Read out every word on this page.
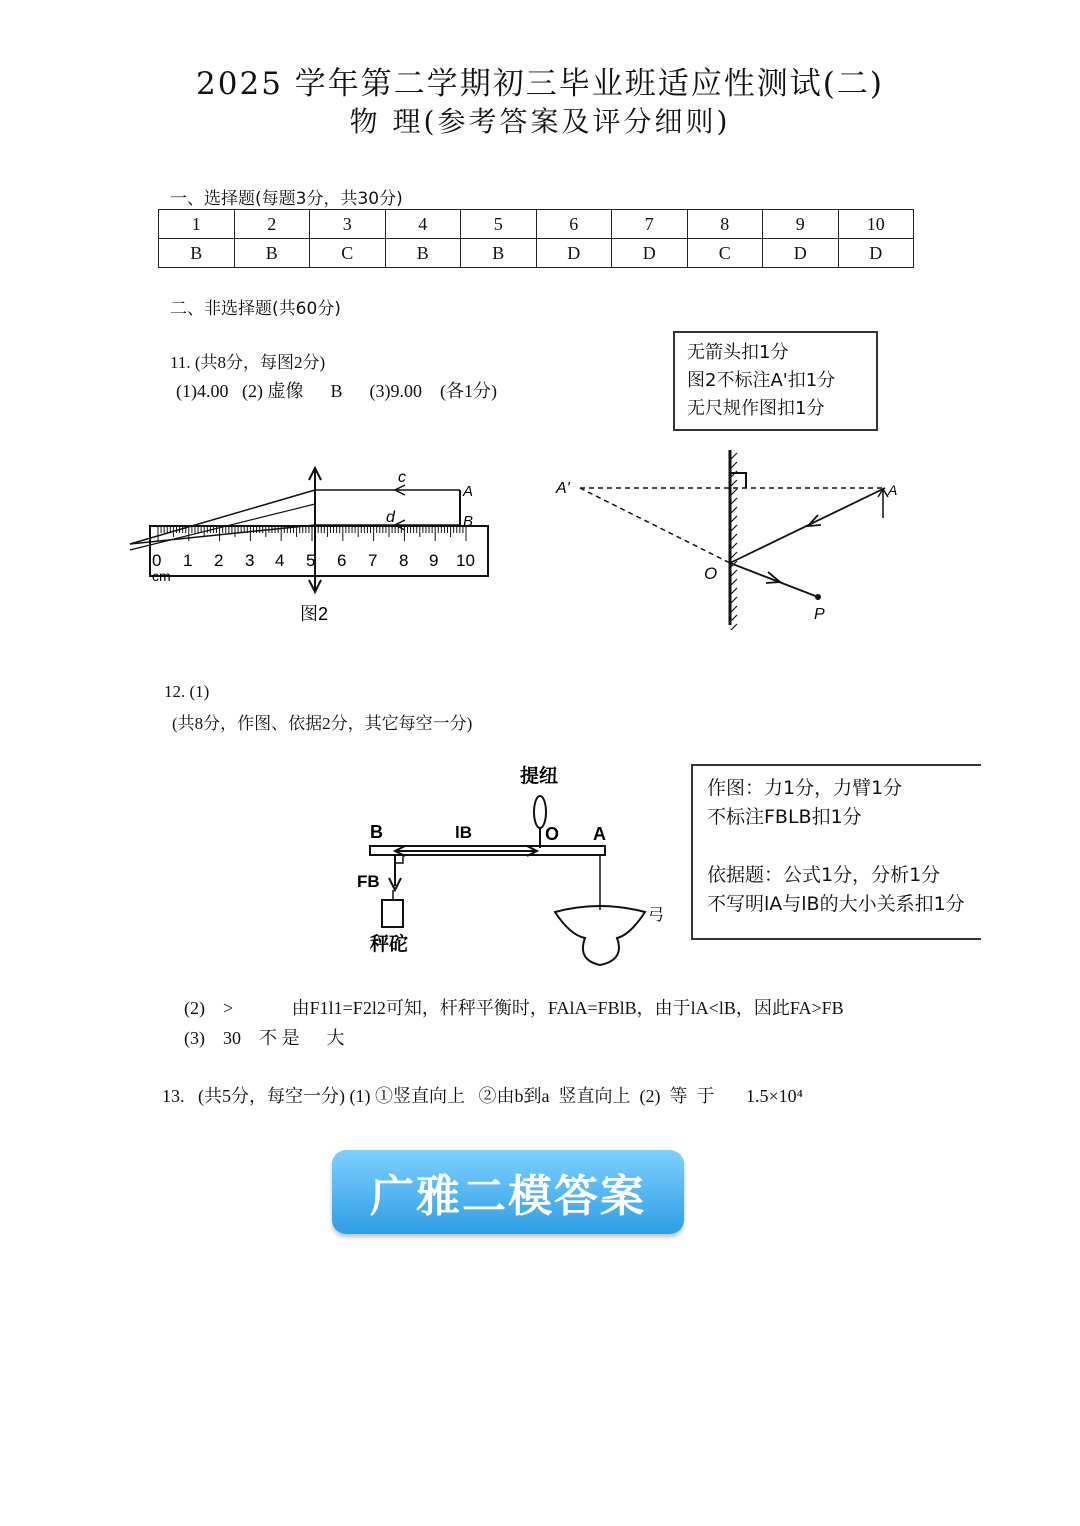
2025 学年第二学期初三毕业班适应性测试(二)
物 理(参考答案及评分细则)
一、选择题(每题3分，共30分)
1	2	3	4	5	6	7	8	9	10
B	B	C	B	B	D	D	C	D	D
二、非选择题(共60分)
11. (共8分，每图2分)
(1)4.00   (2) 虚像      B      (3)9.00    (各1分)
无箭头扣1分
图2不标注A'扣1分
无尺规作图扣1分
0 1 2 3 4 5 6 7 8 9 10
cm
c
d
A
B
图2
A'	A
O
P
12. (1)
(共8分，作图、依据2分，其它每空一分)
提纽
B	lB	O A
FB
秤砣
弓
作图：力1分，力臂1分
不标注FBLB扣1分
依据题：公式1分，分析1分
不写明lA与lB的大小关系扣1分
(2)    >             由F1l1=F2l2可知，杆秤平衡时，FAlA=FBlB，由于lA<lB，因此FA>FB
(3)    30    不 是      大
13.   (共5分，每空一分) (1) ①竖直向上   ②由b到a  竖直向上  (2)  等  于       1.5×10⁴
广雅二模答案
